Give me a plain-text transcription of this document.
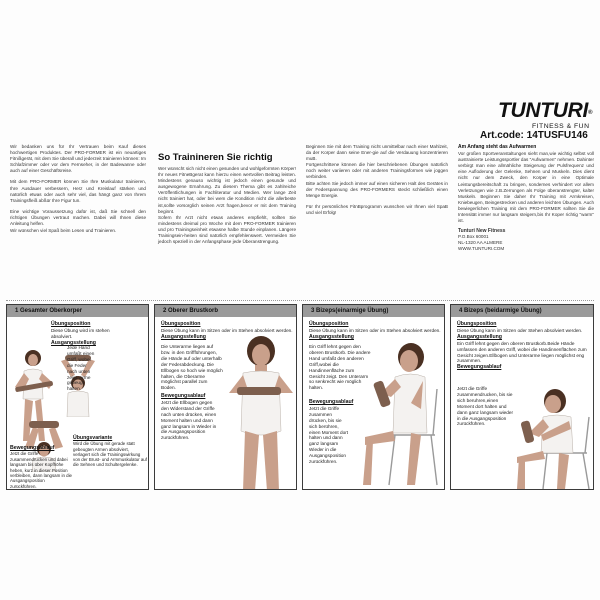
TUNTURI®
FITNESS & FUN
Art.code: 14TUSFU146

Wir bedanken uns für Ihr Vertrauen beim Kauf dieses hochwertigen Produktes. Der PRO-FORMER ist ein neuartiges Fitnißgerät, mit dem Sie überall und jederzeit trainieren können: Im Schlafzimmer oder vor dem Fernseher, in der Badewanne oder auch auf einer Geschäftsreise.

Mit dem PRO-FORMER können Sie Ihre Muskulatur trainieren, Ihre Ausdauer verbessern, Herz und Kreislauf stärken und natürlich etwas oder auch sehr viel, das hängt ganz von Ihrem Trainingsfleiß abßür Ihre Figur tun.

Eine wichtige Voraussetzung dafür ist, daß Sie schnell den richtigen Übungen vertraut machen. Dabei will Ihnen diese Anleitung helfen.

Wir wünschen viel Spaß beim Lesen und Trainieren.

So Trainineren Sie richtig

Wer wünscht sich nicht einen gesunden und wohlgeformten Körper! Ihr neues FitneBgerat kann hierzu einen wertvollen Beitrag leisten. Mindestens genauso wichtig ist jedoch einen gesunde und ausgewogene Ernahrung. Zu diesem Thema gibt es zahlreiche Veröffentlichungen in Fachliteratur und Medien. Wer lange Zeit nicht trainiert hat, oder bei wem die Kondition nicht die allerbeste ist,sollte vorsorglich seinen Arzt fragen,bevor er mit dem Training beginnt.

Sofern Ihr Arzt nicht etwas anderes empfiehlt, sollten Sie mindestens dreimal pro Woche mit dem PRO-FORMER trainieren und pro Trainingseinheit etwasne halbe Stunde einplanen. Längere Trainingsein-heiten sind natürlich empfehlenswert. Vermeiden Sie jedoch speziell in der Anfangsphase jede Überanstrengung.

Beginnen Sie mit dem Training nicht unmittelbar nach einer Mahlzeit, da der Korper dann seine Ener-gie auf die Verdauung konzentrieren muB.

Fortgeschrittene können die hier beschriebenen Übungen natürlich noch weiter variieren oder mit anderen Trainingsformen wie joggen verbinden.

Bitte achten Sie jedoch immer auf einen sicheren Halt des Gerätes in der Federspannung des PRO-FORMERS steckt schließlich einen Menge Energie.

Für Ihr persönliches FitnBprogramm wunschen wir Ihnen viel SpaB und viel Erfolg!

Am Anfang steht das Aufwarmen

Vor großen Sportveranstaltungen sieht man,wie wichtig selbst voll austrainierte Leistungssportler das "Aufwarmen" nehmen. Dahinter verbirgt man eine allmähliche Steigerung der Pulsfrequenz und eine Aufloderung der Gelenke, Sehnen und Muskeln. Dies dient nicht nur dem Zweck, den Korper in eine Optimale Leistungsbereitschaft zu bringen, sondernes verhindert vor allem Verletzungen wie z.B.Zerrungen als Folge überanstrengter, kalter Muskeln. Beginnen Sie daher Ihr Training mit Armkreisen, Kniebeugen, Beingestrecken und anderen leichten Übungen. Auch bewiegerlichen Training mit dem PRO-FORMER sollten Sie die Intensität immer nur langsam steigern,bis Ihr Koper richtig "warm" ist.

Tunturi New Fitness
P.O.Box 60001
NL-1320 AA ALMERE
WWW.TUNTURI.COM
1 Gesamter Oberkorper
Übungsposition
Diese Übung wird im stehen absolviert.
Ausgangsstellung
Jede Hand umfaßt einen Griff, wobei die Feder nach unten zeigt. Arme gebeugt halten.
Bewegungsablauf
Jetzt die Griffe zusammendrucken und dabei langsam bis über Kopfhöhe heben, kurz in dieser Position verbleiben, dann langsam in die Ausgangsposition zurückführen.
Übungsvariante
Wird die Übung mit gerade statt gebeugten Armen absolviert, verlagert sich die Trainingswirkung von der Brust- und Armmuskulatur auf die Sehnen und Schultergelenke.
2 Oberer Brustkorb
Übungsposition
Diese Übung kann im Sitzen oder im Stehen absolviert werden.
Ausgangsstellung

Die Unterarme liegen auf bzw. in den Griffführungen, die Hände auf oder unterhalb der Federabdeckung. Die Ellbogen so hoch wie möglich halten, die Oberarme möglichst parallel zum Boden.
Bewegungsablauf
Jetzt die Ellbogen gegen den Widerstand der Griffe nach unten drücken, einen Moment halten und dann ganz langsam in Wieder in die Ausgangsposition zurückführen.
3 Bizeps(einarmige Übung)
Übungsposition
Diese Übung kann im Sitzen oder im Stehen absolviert werden.
Ausgangsstellung

Ein Griff lehnt gegen den oberen Brustkorb. Die andere Hand umfaßt den anderen Griff,wobei die Handinnenfläche zum Gesicht zeigt. Den Unterarm so senkrecht wie möglich halten.
Bewegungsablauf
Jetzt die Griffe zusammen drücken, bis sie sich berühren, einen Moment dort halten und dann ganz langsam Wieder in die Ausgangsposition zurückführen.
4 Bizeps (beidarmige Übung)
Übungsposition
Diese Übung kann im Sitzen oder Stehen absolviert werden.
Ausgangsstellung
Ein Griff lehnt gegen den oberen Brustkorb.Beide Hände umfassen den anderen Griff, wobei die Handinnenflächen zum Gesicht zeigen.Ellbogen und Unterarme liegen möglichst eng zusammen.
Bewegungsablauf
Jetzt die Griffe zusammendrucken, bis sie sich beruhren,einen Moment dort halten und dann ganz langsam wieder in die Ausgangsposition zurückführen.
